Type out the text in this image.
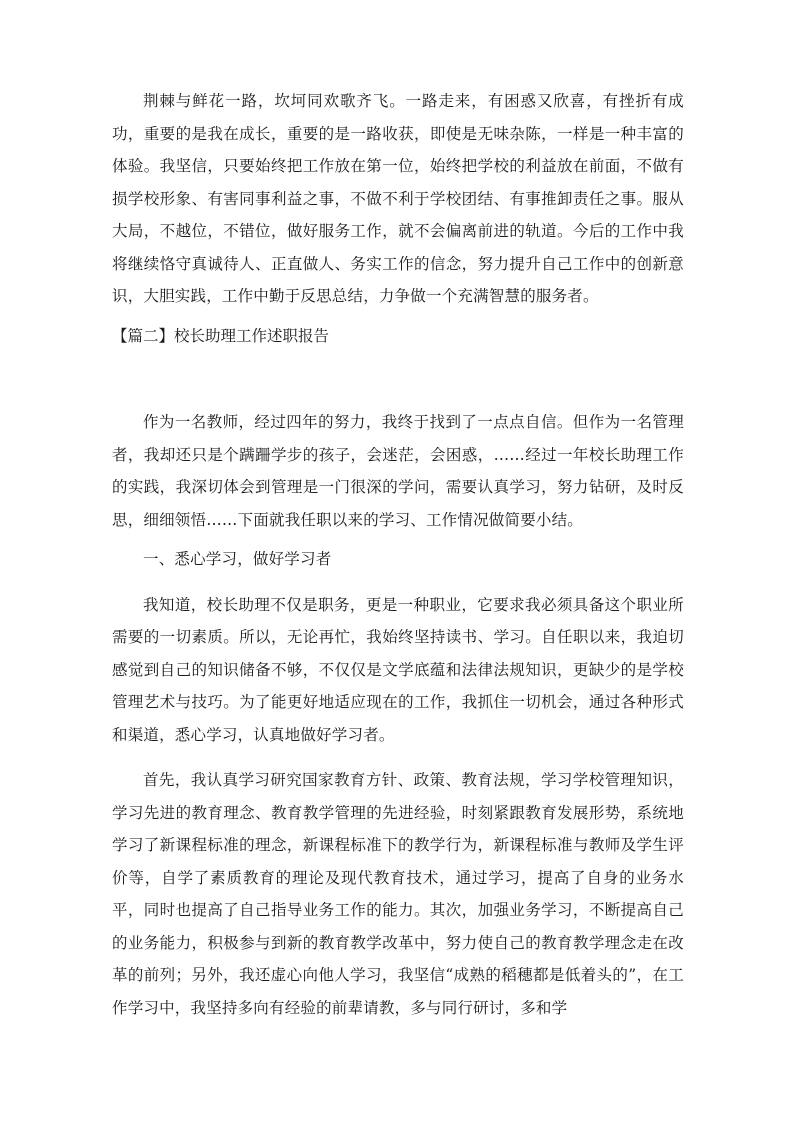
荆棘与鲜花一路，坎坷同欢歌齐飞。一路走来，有困惑又欣喜，有挫折有成功，重要的是我在成长，重要的是一路收获，即使是无味杂陈，一样是一种丰富的体验。我坚信，只要始终把工作放在第一位，始终把学校的利益放在前面，不做有损学校形象、有害同事利益之事，不做不利于学校团结、有事推卸责任之事。服从大局，不越位，不错位，做好服务工作，就不会偏离前进的轨道。今后的工作中我将继续恪守真诚待人、正直做人、务实工作的信念，努力提升自己工作中的创新意识，大胆实践，工作中勤于反思总结，力争做一个充满智慧的服务者。

【篇二】校长助理工作述职报告

作为一名教师，经过四年的努力，我终于找到了一点点自信。但作为一名管理者，我却还只是个蹒跚学步的孩子，会迷茫，会困惑，……经过一年校长助理工作的实践，我深切体会到管理是一门很深的学问，需要认真学习，努力钻研，及时反思，细细领悟……下面就我任职以来的学习、工作情况做简要小结。

一、悉心学习，做好学习者

我知道，校长助理不仅是职务，更是一种职业，它要求我必须具备这个职业所需要的一切素质。所以，无论再忙，我始终坚持读书、学习。自任职以来，我迫切感觉到自己的知识储备不够，不仅仅是文学底蕴和法律法规知识，更缺少的是学校管理艺术与技巧。为了能更好地适应现在的工作，我抓住一切机会，通过各种形式和渠道，悉心学习，认真地做好学习者。

首先，我认真学习研究国家教育方针、政策、教育法规，学习学校管理知识，学习先进的教育理念、教育教学管理的先进经验，时刻紧跟教育发展形势，系统地学习了新课程标准的理念，新课程标准下的教学行为，新课程标准与教师及学生评价等，自学了素质教育的理论及现代教育技术，通过学习，提高了自身的业务水平，同时也提高了自己指导业务工作的能力。其次，加强业务学习，不断提高自己的业务能力，积极参与到新的教育教学改革中，努力使自己的教育教学理念走在改革的前列；另外，我还虚心向他人学习，我坚信“成熟的稻穗都是低着头的”，在工作学习中，我坚持多向有经验的前辈请教，多与同行研讨，多和学
